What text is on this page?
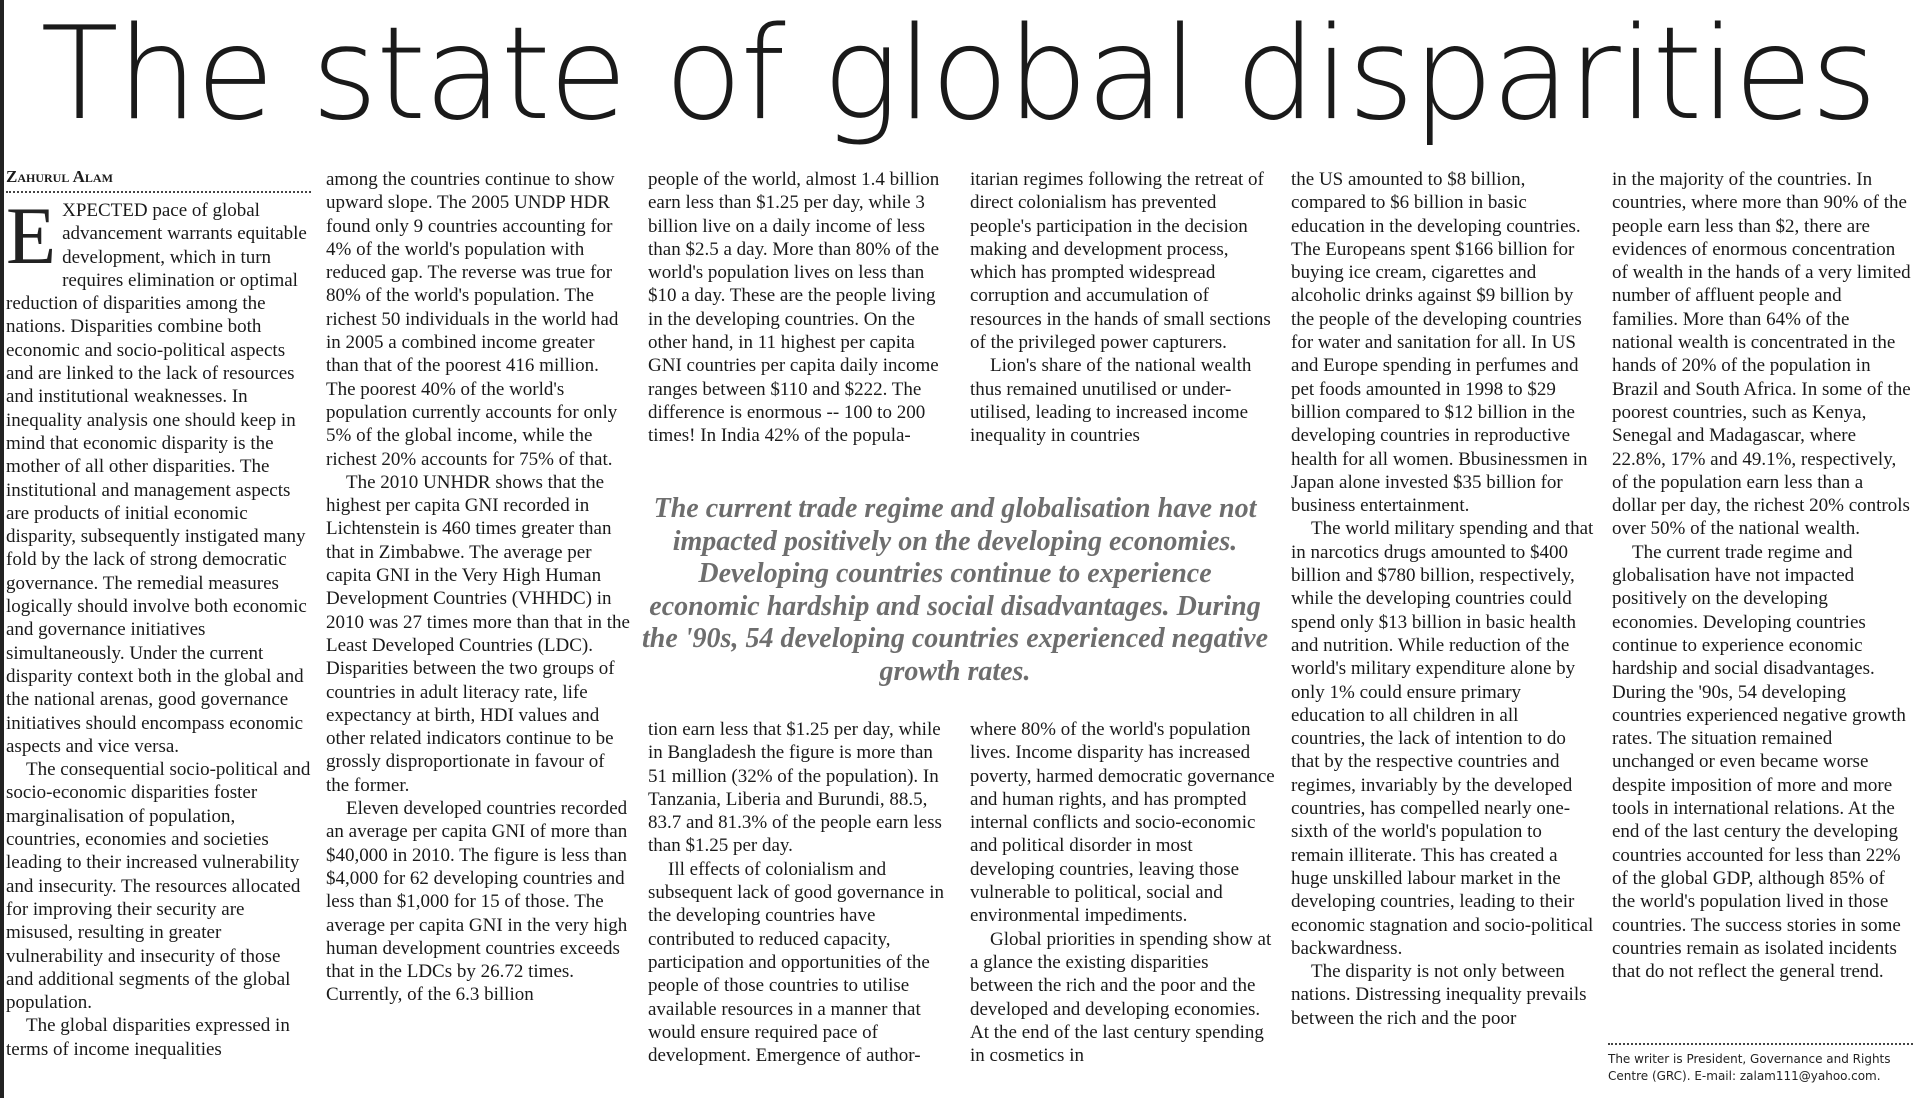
The state of global disparities
Zahurul Alam

EXPECTED pace of global advancement warrants equitable development, which in turn requires elimination or optimal reduction of disparities among the nations. Disparities combine both economic and socio-political aspects and are linked to the lack of resources and institutional weaknesses. In inequality analysis one should keep in mind that economic disparity is the mother of all other disparities. The institutional and management aspects are products of initial economic disparity, subsequently instigated many fold by the lack of strong democratic governance. The remedial measures logically should involve both economic and governance initiatives simultaneously. Under the current disparity context both in the global and the national arenas, good governance initiatives should encompass economic aspects and vice versa.

The consequential socio-political and socio-economic disparities foster marginalisation of population, countries, economies and societies leading to their increased vulnerability and insecurity. The resources allocated for improving their security are misused, resulting in greater vulnerability and insecurity of those and additional segments of the global population.

The global disparities expressed in terms of income inequalities

among the countries continue to show upward slope. The 2005 UNDP HDR found only 9 countries accounting for 4% of the world's population with reduced gap. The reverse was true for 80% of the world's population. The richest 50 individuals in the world had in 2005 a combined income greater than that of the poorest 416 million. The poorest 40% of the world's population currently accounts for only 5% of the global income, while the richest 20% accounts for 75% of that.

The 2010 UNHDR shows that the highest per capita GNI recorded in Lichtenstein is 460 times greater than that in Zimbabwe. The average per capita GNI in the Very High Human Development Countries (VHHDC) in 2010 was 27 times more than that in the Least Developed Countries (LDC). Disparities between the two groups of countries in adult literacy rate, life expectancy at birth, HDI values and other related indicators continue to be grossly disproportionate in favour of the former.

Eleven developed countries recorded an average per capita GNI of more than $40,000 in 2010. The figure is less than $4,000 for 62 developing countries and less than $1,000 for 15 of those. The average per capita GNI in the very high human development countries exceeds that in the LDCs by 26.72 times. Currently, of the 6.3 billion

people of the world, almost 1.4 billion earn less than $1.25 per day, while 3 billion live on a daily income of less than $2.5 a day. More than 80% of the world's population lives on less than $10 a day. These are the people living in the developing countries. On the other hand, in 11 highest per capita GNI countries per capita daily income ranges between $110 and $222. The difference is enormous -- 100 to 200 times! In India 42% of the popula-

itarian regimes following the retreat of direct colonialism has prevented people's participation in the decision making and development process, which has prompted widespread corruption and accumulation of resources in the hands of small sections of the privileged power capturers.

Lion's share of the national wealth thus remained unutilised or under-utilised, leading to increased income inequality in countries

The current trade regime and globalisation have not impacted positively on the developing economies. Developing countries continue to experience economic hardship and social disadvantages. During the '90s, 54 developing countries experienced negative growth rates.

tion earn less that $1.25 per day, while in Bangladesh the figure is more than 51 million (32% of the population). In Tanzania, Liberia and Burundi, 88.5, 83.7 and 81.3% of the people earn less than $1.25 per day.

Ill effects of colonialism and subsequent lack of good governance in the developing countries have contributed to reduced capacity, participation and opportunities of the people of those countries to utilise available resources in a manner that would ensure required pace of development. Emergence of author-

where 80% of the world's population lives. Income disparity has increased poverty, harmed democratic governance and human rights, and has prompted internal conflicts and socio-economic and political disorder in most developing countries, leaving those vulnerable to political, social and environmental impediments.

Global priorities in spending show at a glance the existing disparities between the rich and the poor and the developed and developing economies. At the end of the last century spending in cosmetics in

the US amounted to $8 billion, compared to $6 billion in basic education in the developing countries. The Europeans spent $166 billion for buying ice cream, cigarettes and alcoholic drinks against $9 billion by the people of the developing countries for water and sanitation for all. In US and Europe spending in perfumes and pet foods amounted in 1998 to $29 billion compared to $12 billion in the developing countries in reproductive health for all women. Bbusinessmen in Japan alone invested $35 billion for business entertainment.

The world military spending and that in narcotics drugs amounted to $400 billion and $780 billion, respectively, while the developing countries could spend only $13 billion in basic health and nutrition. While reduction of the world's military expenditure alone by only 1% could ensure primary education to all children in all countries, the lack of intention to do that by the respective countries and regimes, invariably by the developed countries, has compelled nearly one-sixth of the world's population to remain illiterate. This has created a huge unskilled labour market in the developing countries, leading to their economic stagnation and socio-political backwardness.

The disparity is not only between nations. Distressing inequality prevails between the rich and the poor

in the majority of the countries. In countries, where more than 90% of the people earn less than $2, there are evidences of enormous concentration of wealth in the hands of a very limited number of affluent people and families. More than 64% of the national wealth is concentrated in the hands of 20% of the population in Brazil and South Africa. In some of the poorest countries, such as Kenya, Senegal and Madagascar, where 22.8%, 17% and 49.1%, respectively, of the population earn less than a dollar per day, the richest 20% controls over 50% of the national wealth.

The current trade regime and globalisation have not impacted positively on the developing economies. Developing countries continue to experience economic hardship and social disadvantages. During the '90s, 54 developing countries experienced negative growth rates. The situation remained unchanged or even became worse despite imposition of more and more tools in international relations. At the end of the last century the developing countries accounted for less than 22% of the global GDP, although 85% of the world's population lived in those countries. The success stories in some countries remain as isolated incidents that do not reflect the general trend.

The writer is President, Governance and Rights Centre (GRC). E-mail: zalam111@yahoo.com.
